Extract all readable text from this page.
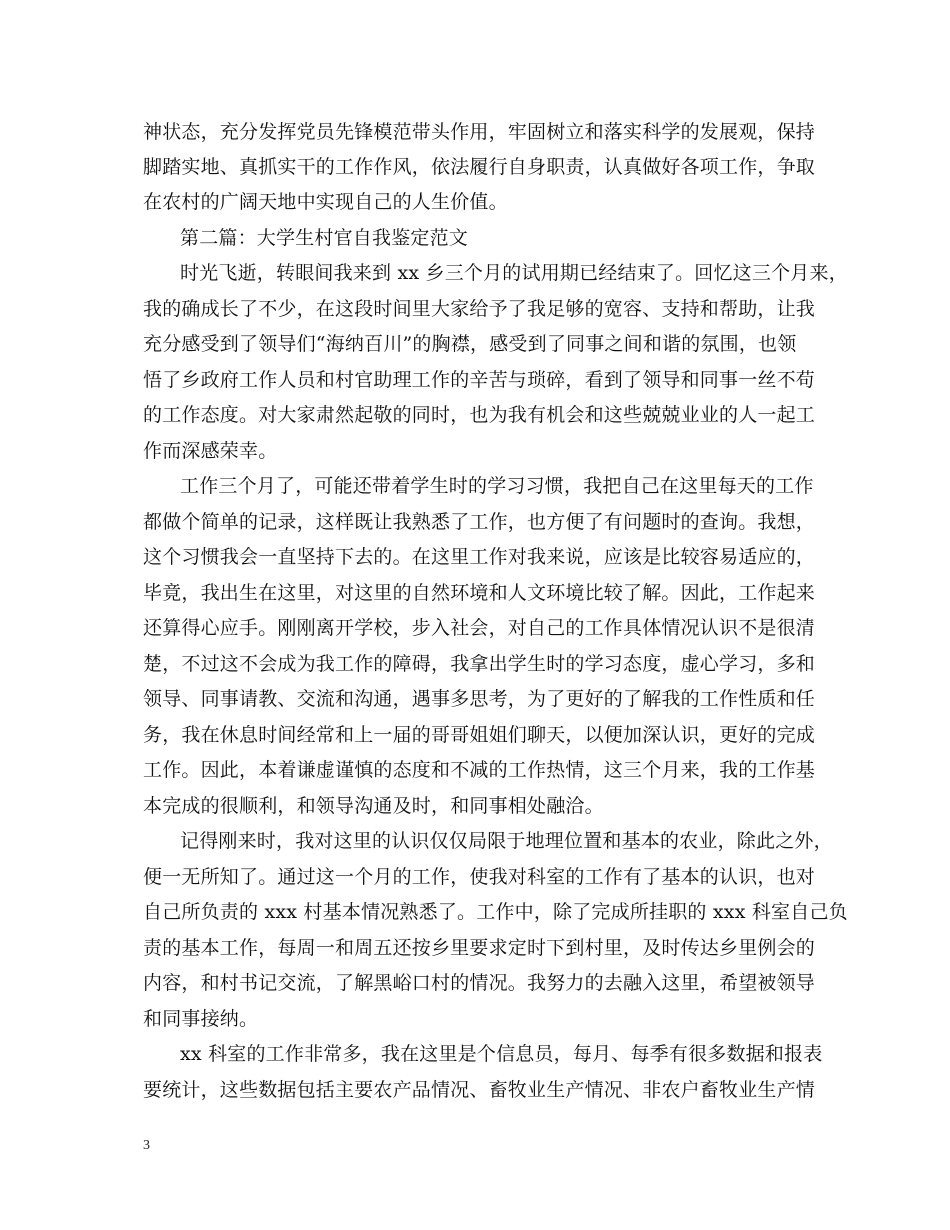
神状态，充分发挥党员先锋模范带头作用，牢固树立和落实科学的发展观，保持
脚踏实地、真抓实干的工作作风，依法履行自身职责，认真做好各项工作，争取
在农村的广阔天地中实现自己的人生价值。
第二篇：大学生村官自我鉴定范文
时光飞逝，转眼间我来到 xx 乡三个月的试用期已经结束了。回忆这三个月来，
我的确成长了不少，在这段时间里大家给予了我足够的宽容、支持和帮助，让我
充分感受到了领导们“海纳百川”的胸襟，感受到了同事之间和谐的氛围，也领
悟了乡政府工作人员和村官助理工作的辛苦与琐碎，看到了领导和同事一丝不苟
的工作态度。对大家肃然起敬的同时，也为我有机会和这些兢兢业业的人一起工
作而深感荣幸。
工作三个月了，可能还带着学生时的学习习惯，我把自己在这里每天的工作
都做个简单的记录，这样既让我熟悉了工作，也方便了有问题时的查询。我想，
这个习惯我会一直坚持下去的。在这里工作对我来说，应该是比较容易适应的，
毕竟，我出生在这里，对这里的自然环境和人文环境比较了解。因此，工作起来
还算得心应手。刚刚离开学校，步入社会，对自己的工作具体情况认识不是很清
楚，不过这不会成为我工作的障碍，我拿出学生时的学习态度，虚心学习，多和
领导、同事请教、交流和沟通，遇事多思考，为了更好的了解我的工作性质和任
务，我在休息时间经常和上一届的哥哥姐姐们聊天，以便加深认识，更好的完成
工作。因此，本着谦虚谨慎的态度和不减的工作热情，这三个月来，我的工作基
本完成的很顺利，和领导沟通及时，和同事相处融洽。
记得刚来时，我对这里的认识仅仅局限于地理位置和基本的农业，除此之外，
便一无所知了。通过这一个月的工作，使我对科室的工作有了基本的认识，也对
自己所负责的 xxx 村基本情况熟悉了。工作中，除了完成所挂职的 xxx 科室自己负
责的基本工作，每周一和周五还按乡里要求定时下到村里，及时传达乡里例会的
内容，和村书记交流，了解黑峪口村的情况。我努力的去融入这里，希望被领导
和同事接纳。
xx 科室的工作非常多，我在这里是个信息员，每月、每季有很多数据和报表
要统计，这些数据包括主要农产品情况、畜牧业生产情况、非农户畜牧业生产情
3
